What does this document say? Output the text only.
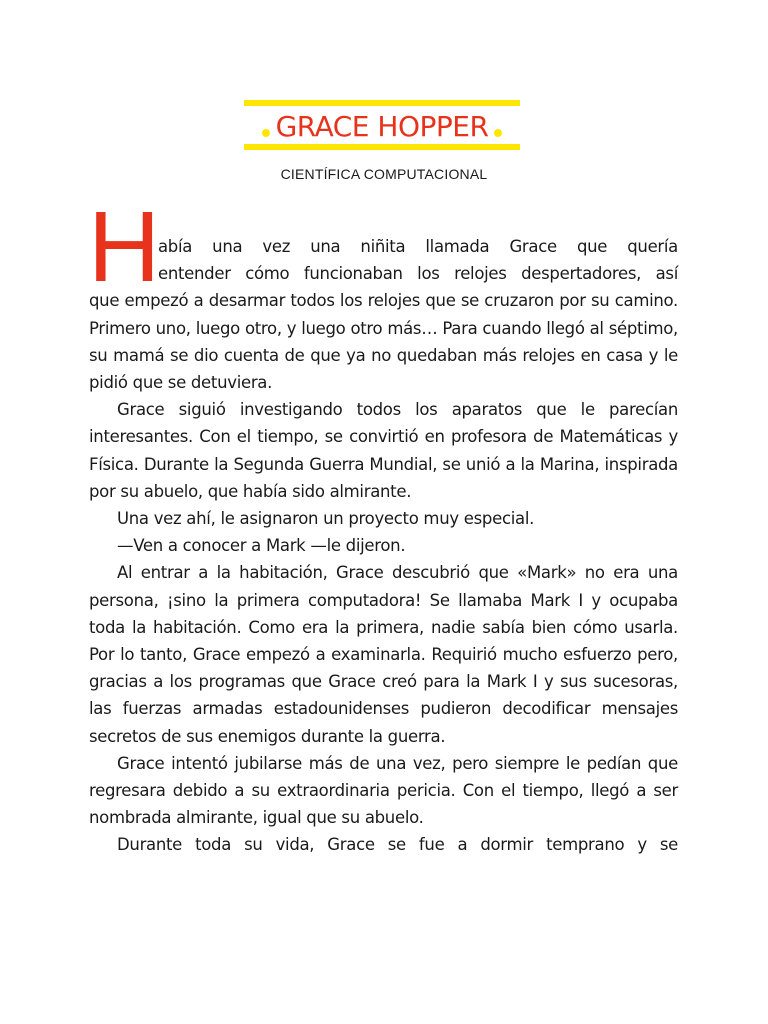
GRACE HOPPER
CIENTÍFICA COMPUTACIONAL
H

abía una vez una niñita llamada Grace que quería
entender cómo funcionaban los relojes despertadores, así
que empezó a desarmar todos los relojes que se cruzaron por su camino. Primero uno, luego otro, y luego otro más… Para cuando llegó al séptimo, su mamá se dio cuenta de que ya no quedaban más relojes en casa y le pidió que se detuviera.

Grace siguió investigando todos los aparatos que le parecían interesantes. Con el tiempo, se convirtió en profesora de Matemáticas y Física. Durante la Segunda Guerra Mundial, se unió a la Marina, inspirada por su abuelo, que había sido almirante.

Una vez ahí, le asignaron un proyecto muy especial.

—Ven a conocer a Mark —le dijeron.

Al entrar a la habitación, Grace descubrió que «Mark» no era una persona, ¡sino la primera computadora! Se llamaba Mark I y ocupaba toda la habitación. Como era la primera, nadie sabía bien cómo usarla. Por lo tanto, Grace empezó a examinarla. Requirió mucho esfuerzo pero, gracias a los programas que Grace creó para la Mark I y sus sucesoras, las fuerzas armadas estadounidenses pudieron decodificar mensajes secretos de sus enemigos durante la guerra.

Grace intentó jubilarse más de una vez, pero siempre le pedían que regresara debido a su extraordinaria pericia. Con el tiempo, llegó a ser nombrada almirante, igual que su abuelo.

Durante toda su vida, Grace se fue a dormir temprano y se
